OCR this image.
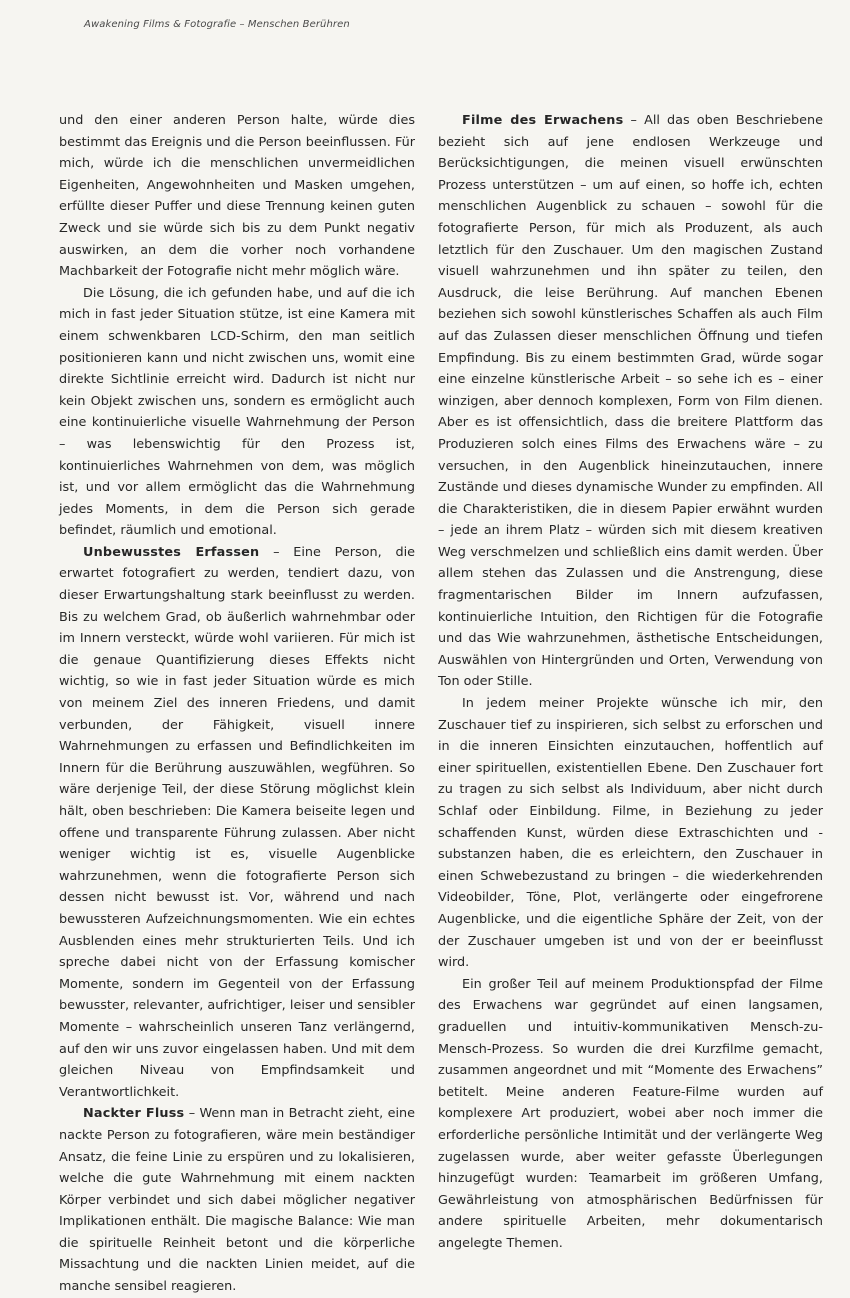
Awakening Films & Fotografie – Menschen Berühren

und den einer anderen Person halte, würde dies bestimmt das Ereignis und die Person beeinflussen. Für mich, würde ich die menschlichen unvermeidlichen Eigenheiten, Angewohnheiten und Masken umgehen, erfüllte dieser Puffer und diese Trennung keinen guten Zweck und sie würde sich bis zu dem Punkt negativ auswirken, an dem die vorher noch vorhandene Machbarkeit der Fotografie nicht mehr möglich wäre.

Die Lösung, die ich gefunden habe, und auf die ich mich in fast jeder Situation stütze, ist eine Kamera mit einem schwenkbaren LCD-Schirm, den man seitlich positionieren kann und nicht zwischen uns, womit eine direkte Sichtlinie erreicht wird. Dadurch ist nicht nur kein Objekt zwischen uns, sondern es ermöglicht auch eine kontinuierliche visuelle Wahrnehmung der Person – was lebenswichtig für den Prozess ist, kontinuierliches Wahrnehmen von dem, was möglich ist, und vor allem ermöglicht das die Wahrnehmung jedes Moments, in dem die Person sich gerade befindet, räumlich und emotional.

Unbewusstes Erfassen – Eine Person, die erwartet fotografiert zu werden, tendiert dazu, von dieser Erwartungshaltung stark beeinflusst zu werden. Bis zu welchem Grad, ob äußerlich wahrnehmbar oder im Innern versteckt, würde wohl variieren. Für mich ist die genaue Quantifizierung dieses Effekts nicht wichtig, so wie in fast jeder Situation würde es mich von meinem Ziel des inneren Friedens, und damit verbunden, der Fähigkeit, visuell innere Wahrnehmungen zu erfassen und Befindlichkeiten im Innern für die Berührung auszuwählen, wegführen. So wäre derjenige Teil, der diese Störung möglichst klein hält, oben beschrieben: Die Kamera beiseite legen und offene und transparente Führung zulassen. Aber nicht weniger wichtig ist es, visuelle Augenblicke wahrzunehmen, wenn die fotografierte Person sich dessen nicht bewusst ist. Vor, während und nach bewussteren Aufzeichnungsmomenten. Wie ein echtes Ausblenden eines mehr strukturierten Teils. Und ich spreche dabei nicht von der Erfassung komischer Momente, sondern im Gegenteil von der Erfassung bewusster, relevanter, aufrichtiger, leiser und sensibler Momente – wahrscheinlich unseren Tanz verlängernd, auf den wir uns zuvor eingelassen haben. Und mit dem gleichen Niveau von Empfindsamkeit und Verantwortlichkeit.

Nackter Fluss – Wenn man in Betracht zieht, eine nackte Person zu fotografieren, wäre mein beständiger Ansatz, die feine Linie zu erspüren und zu lokalisieren, welche die gute Wahrnehmung mit einem nackten Körper verbindet und sich dabei möglicher negativer Implikationen enthält. Die magische Balance: Wie man die spirituelle Reinheit betont und die körperliche Missachtung und die nackten Linien meidet, auf die manche sensibel reagieren.

Filme des Erwachens – All das oben Beschriebene bezieht sich auf jene endlosen Werkzeuge und Berücksichtigungen, die meinen visuell erwünschten Prozess unterstützen – um auf einen, so hoffe ich, echten menschlichen Augenblick zu schauen – sowohl für die fotografierte Person, für mich als Produzent, als auch letztlich für den Zuschauer. Um den magischen Zustand visuell wahrzunehmen und ihn später zu teilen, den Ausdruck, die leise Berührung. Auf manchen Ebenen beziehen sich sowohl künstlerisches Schaffen als auch Film auf das Zulassen dieser menschlichen Öffnung und tiefen Empfindung. Bis zu einem bestimmten Grad, würde sogar eine einzelne künstlerische Arbeit – so sehe ich es – einer winzigen, aber dennoch komplexen, Form von Film dienen. Aber es ist offensichtlich, dass die breitere Plattform das Produzieren solch eines Films des Erwachens wäre – zu versuchen, in den Augenblick hineinzutauchen, innere Zustände und dieses dynamische Wunder zu empfinden. All die Charakteristiken, die in diesem Papier erwähnt wurden – jede an ihrem Platz – würden sich mit diesem kreativen Weg verschmelzen und schließlich eins damit werden. Über allem stehen das Zulassen und die Anstrengung, diese fragmentarischen Bilder im Innern aufzufassen, kontinuierliche Intuition, den Richtigen für die Fotografie und das Wie wahrzunehmen, ästhetische Entscheidungen, Auswählen von Hintergründen und Orten, Verwendung von Ton oder Stille.

In jedem meiner Projekte wünsche ich mir, den Zuschauer tief zu inspirieren, sich selbst zu erforschen und in die inneren Einsichten einzutauchen, hoffentlich auf einer spirituellen, existentiellen Ebene. Den Zuschauer fort zu tragen zu sich selbst als Individuum, aber nicht durch Schlaf oder Einbildung. Filme, in Beziehung zu jeder schaffenden Kunst, würden diese Extraschichten und -substanzen haben, die es erleichtern, den Zuschauer in einen Schwebezustand zu bringen – die wiederkehrenden Videobilder, Töne, Plot, verlängerte oder eingefrorene Augenblicke, und die eigentliche Sphäre der Zeit, von der der Zuschauer umgeben ist und von der er beeinflusst wird.

Ein großer Teil auf meinem Produktionspfad der Filme des Erwachens war gegründet auf einen langsamen, graduellen und intuitiv-kommunikativen Mensch-zu-Mensch-Prozess. So wurden die drei Kurzfilme gemacht, zusammen angeordnet und mit “Momente des Erwachens” betitelt. Meine anderen Feature-Filme wurden auf komplexere Art produziert, wobei aber noch immer die erforderliche persönliche Intimität und der verlängerte Weg zugelassen wurde, aber weiter gefasste Überlegungen hinzugefügt wurden: Teamarbeit im größeren Umfang, Gewährleistung von atmosphärischen Bedürfnissen für andere spirituelle Arbeiten, mehr dokumentarisch angelegte Themen.
